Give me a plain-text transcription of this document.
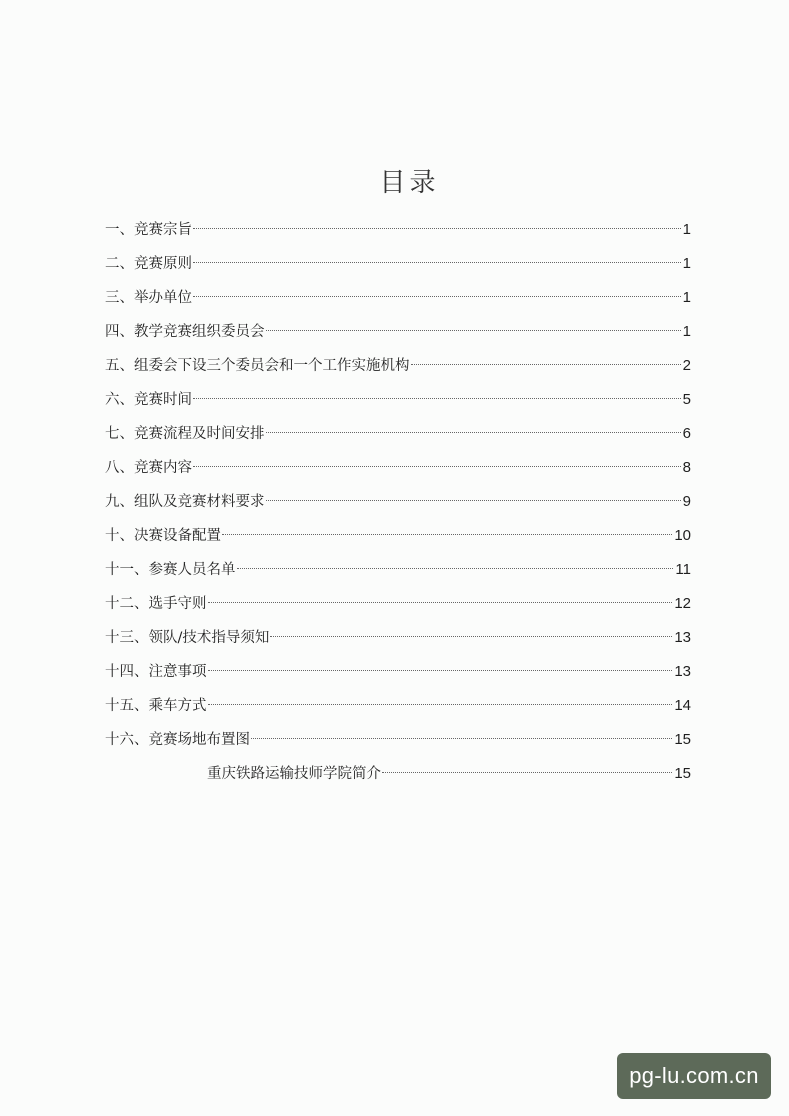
目录
一、竞赛宗旨	1
二、竞赛原则	1
三、举办单位	1
四、教学竞赛组织委员会	1
五、组委会下设三个委员会和一个工作实施机构	2
六、竞赛时间	5
七、竞赛流程及时间安排	6
八、竞赛内容	8
九、组队及竞赛材料要求	9
十、决赛设备配置	10
十一、参赛人员名单	11
十二、选手守则	12
十三、领队/技术指导须知	13
十四、注意事项	13
十五、乘车方式	14
十六、竞赛场地布置图	15
重庆铁路运输技师学院简介	15
pg-lu.com.cn
